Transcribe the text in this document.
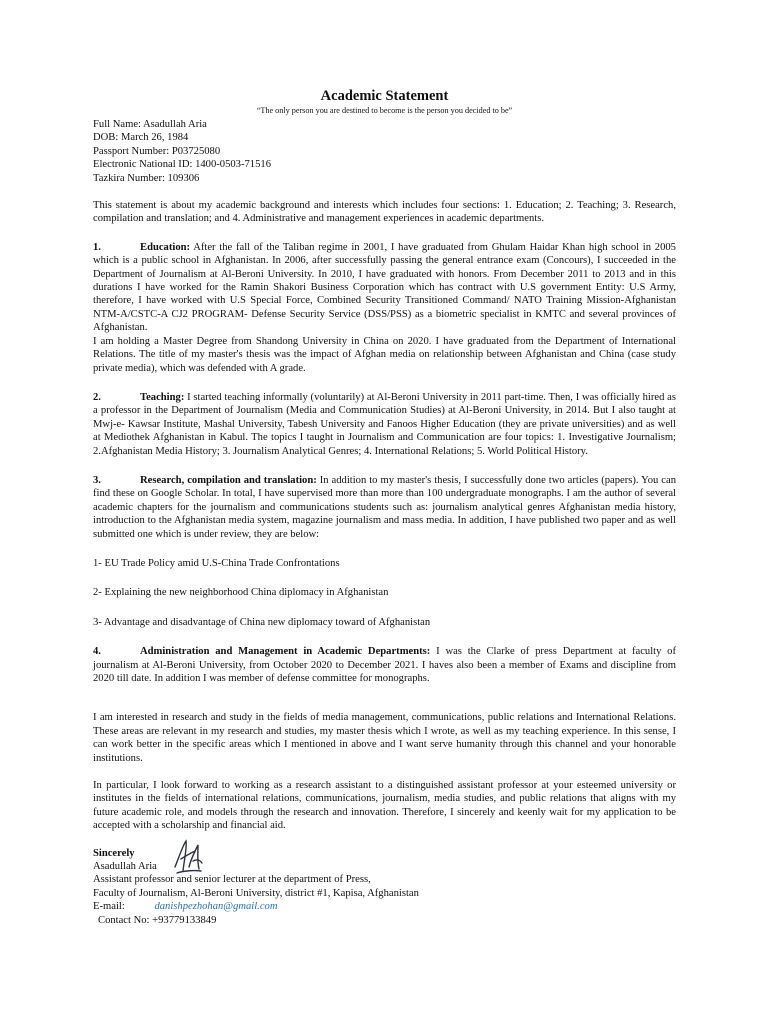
Academic Statement

“The only person you are destined to become is the person you decided to be”

Full Name: Asadullah Aria

DOB: March 26, 1984

Passport Number: P03725080

Electronic National ID: 1400-0503-71516

Tazkira Number: 109306

This statement is about my academic background and interests which includes four sections: 1. Education; 2. Teaching; 3. Research, compilation and translation; and 4. Administrative and management experiences in academic departments.

1.	Education: After the fall of the Taliban regime in 2001, I have graduated from Ghulam Haidar Khan high school in 2005 which is a public school in Afghanistan. In 2006, after successfully passing the general entrance exam (Concours), I succeeded in the Department of Journalism at Al-Beroni University. In 2010, I have graduated with honors. From December 2011 to 2013 and in this durations I have worked for the Ramin Shakori Business Corporation which has contract with U.S government Entity: U.S Army, therefore, I have worked with U.S Special Force, Combined Security Transitioned Command/ NATO Training Mission-Afghanistan NTM-A/CSTC-A CJ2 PROGRAM- Defense Security Service (DSS/PSS) as a biometric specialist in KMTC and several provinces of Afghanistan.

I am holding a Master Degree from Shandong University in China on 2020. I have graduated from the Department of International Relations. The title of my master's thesis was the impact of Afghan media on relationship between Afghanistan and China (case study private media), which was defended with A grade.

2.	Teaching: I started teaching informally (voluntarily) at Al-Beroni University in 2011 part-time. Then, I was officially hired as a professor in the Department of Journalism (Media and Communication Studies) at Al-Beroni University, in 2014. But I also taught at Mwj-e- Kawsar Institute, Mashal University, Tabesh University and Fanoos Higher Education (they are private universities) and as well at Mediothek Afghanistan in Kabul. The topics I taught in Journalism and Communication are four topics: 1. Investigative Journalism; 2.Afghanistan Media History; 3. Journalism Analytical Genres; 4. International Relations; 5. World Political History.
3.	Research, compilation and translation: In addition to my master's thesis, I successfully done two articles (papers). You can find these on Google Scholar. In total, I have supervised more than more than 100 undergraduate monographs. I am the author of several academic chapters for the journalism and communications students such as: journalism analytical genres Afghanistan media history, introduction to the Afghanistan media system, magazine journalism and mass media. In addition, I have published two paper and as well submitted one which is under review, they are below:

1- EU Trade Policy amid U.S-China Trade Confrontations

2- Explaining the new neighborhood China diplomacy in Afghanistan

3- Advantage and disadvantage of China new diplomacy toward of Afghanistan

4.	Administration and Management in Academic Departments: I was the Clarke of press Department at faculty of journalism at Al-Beroni University, from October 2020 to December 2021. I haves also been a member of Exams and discipline from 2020 till date. In addition I was member of defense committee for monographs.

I am interested in research and study in the fields of media management, communications, public relations and International Relations. These areas are relevant in my research and studies, my master thesis which I wrote, as well as my teaching experience. In this sense, I can work better in the specific areas which I mentioned in above and I want serve humanity through this channel and your honorable institutions.

In particular, I look forward to working as a research assistant to a distinguished assistant professor at your esteemed university or institutes in the fields of international relations, communications, journalism, media studies, and public relations that aligns with my future academic role, and models through the research and innovation. Therefore, I sincerely and keenly wait for my application to be accepted with a scholarship and financial aid.

Sincerely

Asadullah Aria

Assistant professor and senior lecturer at the department of Press,

Faculty of Journalism, Al-Beroni University, district #1, Kapisa, Afghanistan

E-mail:	danishpezhohan@gmail.com

Contact No: +93779133849
